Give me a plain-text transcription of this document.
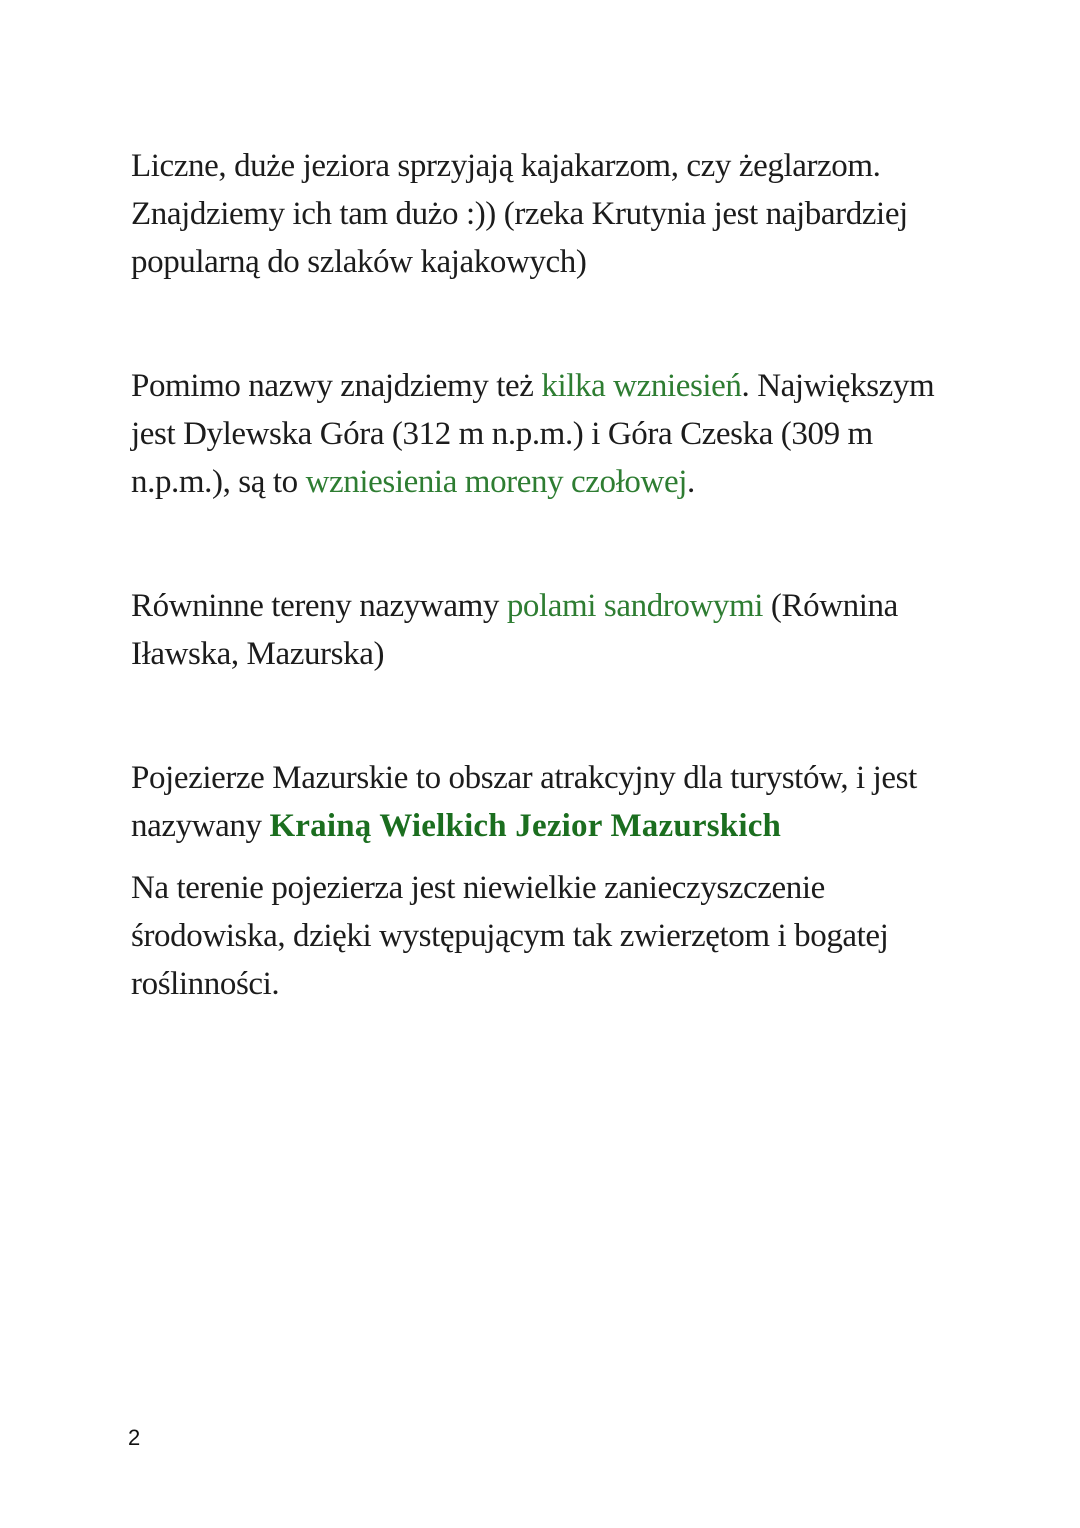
Liczne, duże jeziora sprzyjają kajakarzom, czy żeglarzom. Znajdziemy ich tam dużo :)) (rzeka Krutynia jest najbardziej popularną do szlaków kajakowych)

Pomimo nazwy znajdziemy też kilka wzniesień. Największym jest Dylewska Góra (312 m n.p.m.) i Góra Czeska (309 m n.p.m.), są to wzniesienia moreny czołowej.

Równinne tereny nazywamy polami sandrowymi (Równina Iławska, Mazurska)

Pojezierze Mazurskie to obszar atrakcyjny dla turystów, i jest nazywany Krainą Wielkich Jezior Mazurskich

Na terenie pojezierza jest niewielkie zanieczyszczenie środowiska, dzięki występującym tak zwierzętom i bogatej roślinności.

2
